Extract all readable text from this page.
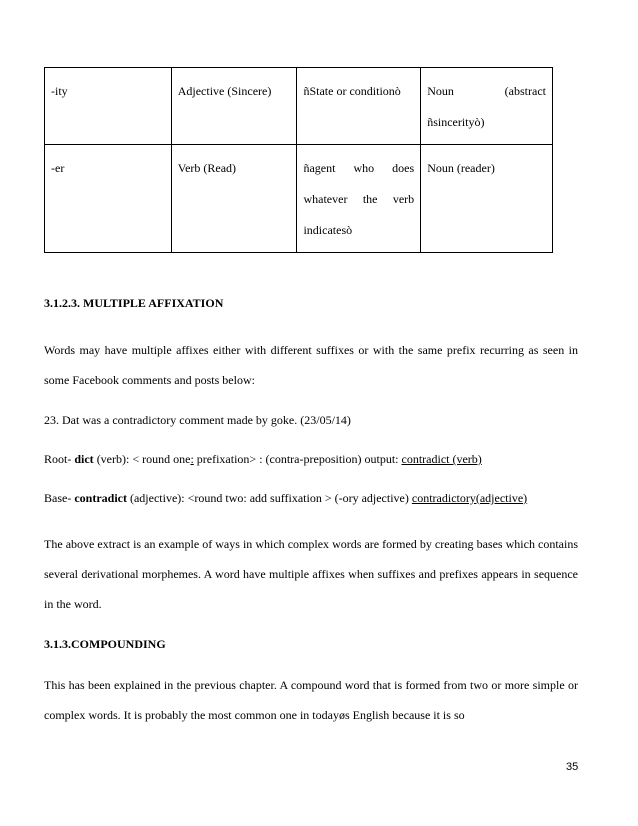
-ity	Adjective (Sincere)	ñState or conditionò	Noun (abstract
ñsincerityò)

-er	Verb (Read)	ñagent who does
whatever the verb
indicatesò	Noun (reader)
3.1.2.3. MULTIPLE AFFIXATION
Words may have multiple affixes either with different suffixes or with the same prefix recurring as seen in some Facebook comments and posts below:
23. Dat was a contradictory comment made by goke. (23/05/14)
Root- dict (verb): < round one: prefixation> : (contra-preposition) output: contradict (verb)
Base- contradict (adjective): <round two: add suffixation > (-ory adjective) contradictory(adjective)
The above extract is an example of ways in which complex words are formed by creating bases which contains several derivational morphemes. A word have multiple affixes when suffixes and prefixes appears in sequence in the word.
3.1.3.COMPOUNDING
This has been explained in the previous chapter. A compound word that is formed from two or more simple or complex words. It is probably the most common one in todayøs English because it is so
35
